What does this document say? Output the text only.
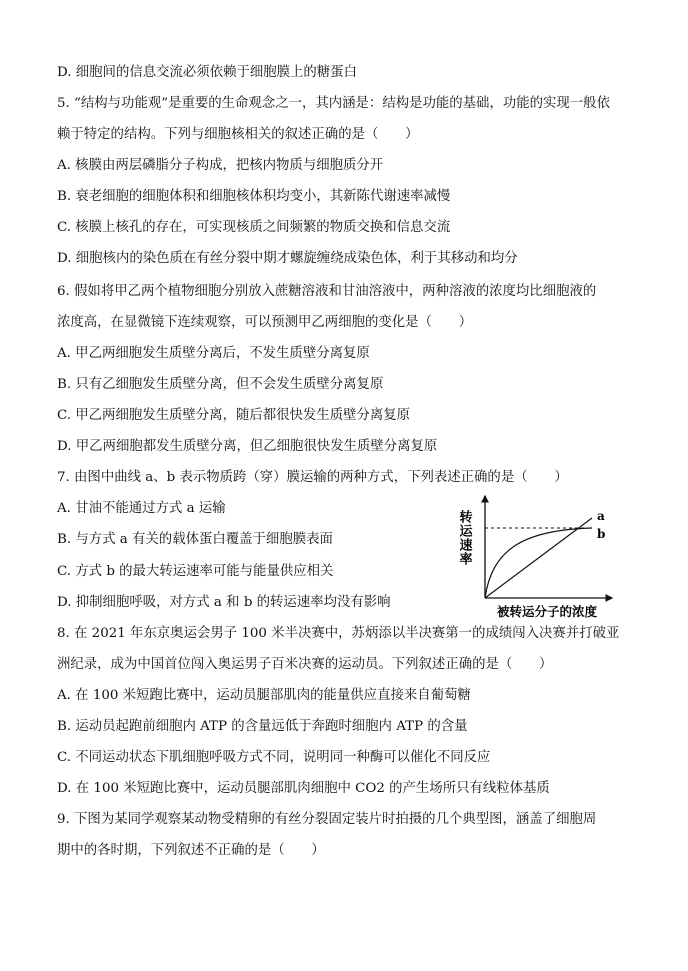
D. 细胞间的信息交流必须依赖于细胞膜上的糖蛋白
5. “结构与功能观”是重要的生命观念之一，其内涵是：结构是功能的基础，功能的实现一般依
赖于特定的结构。下列与细胞核相关的叙述正确的是（　　）
A. 核膜由两层磷脂分子构成，把核内物质与细胞质分开
B. 衰老细胞的细胞体积和细胞核体积均变小，其新陈代谢速率减慢
C. 核膜上核孔的存在，可实现核质之间频繁的物质交换和信息交流
D. 细胞核内的染色质在有丝分裂中期才螺旋缠绕成染色体，利于其移动和均分
6. 假如将甲乙两个植物细胞分别放入蔗糖溶液和甘油溶液中，两种溶液的浓度均比细胞液的
浓度高，在显微镜下连续观察，可以预测甲乙两细胞的变化是（　　）
A. 甲乙两细胞发生质壁分离后，不发生质壁分离复原
B. 只有乙细胞发生质壁分离，但不会发生质壁分离复原
C. 甲乙两细胞发生质壁分离，随后都很快发生质壁分离复原
D. 甲乙两细胞都发生质壁分离，但乙细胞很快发生质壁分离复原
7. 由图中曲线 a、b 表示物质跨（穿）膜运输的两种方式，下列表述正确的是（　　）
A. 甘油不能通过方式 a 运输
B. 与方式 a 有关的载体蛋白覆盖于细胞膜表面
C. 方式 b 的最大转运速率可能与能量供应相关
D. 抑制细胞呼吸，对方式 a 和 b 的转运速率均没有影响
8. 在 2021 年东京奥运会男子 100 米半决赛中，苏炳添以半决赛第一的成绩闯入决赛并打破亚
洲纪录，成为中国首位闯入奥运男子百米决赛的运动员。下列叙述正确的是（　　）
A. 在 100 米短跑比赛中，运动员腿部肌肉的能量供应直接来自葡萄糖
B. 运动员起跑前细胞内 ATP 的含量远低于奔跑时细胞内 ATP 的含量
C. 不同运动状态下肌细胞呼吸方式不同，说明同一种酶可以催化不同反应
D. 在 100 米短跑比赛中，运动员腿部肌肉细胞中 CO2 的产生场所只有线粒体基质
9. 下图为某同学观察某动物受精卵的有丝分裂固定装片时拍摄的几个典型图，涵盖了细胞周
期中的各时期，下列叙述不正确的是（　　）
a
b
转运速率
被转运分子的浓度
